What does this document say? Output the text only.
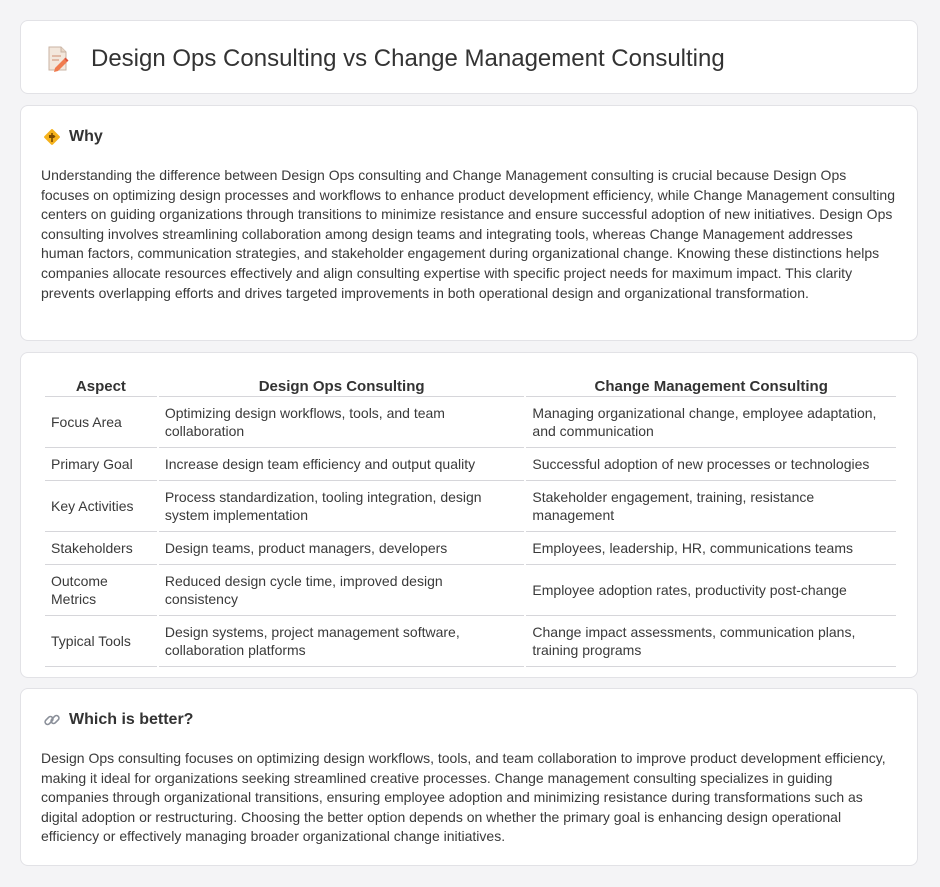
Design Ops Consulting vs Change Management Consulting
Why

Understanding the difference between Design Ops consulting and Change Management consulting is crucial because Design Ops focuses on optimizing design processes and workflows to enhance product development efficiency, while Change Management consulting centers on guiding organizations through transitions to minimize resistance and ensure successful adoption of new initiatives. Design Ops consulting involves streamlining collaboration among design teams and integrating tools, whereas Change Management addresses human factors, communication strategies, and stakeholder engagement during organizational change. Knowing these distinctions helps companies allocate resources effectively and align consulting expertise with specific project needs for maximum impact. This clarity prevents overlapping efforts and drives targeted improvements in both operational design and organizational transformation.

Aspect	Design Ops Consulting	Change Management Consulting
Focus Area	Optimizing design workflows, tools, and team collaboration	Managing organizational change, employee adaptation, and communication
Primary Goal	Increase design team efficiency and output quality	Successful adoption of new processes or technologies
Key Activities	Process standardization, tooling integration, design system implementation	Stakeholder engagement, training, resistance management
Stakeholders	Design teams, product managers, developers	Employees, leadership, HR, communications teams
Outcome Metrics	Reduced design cycle time, improved design consistency	Employee adoption rates, productivity post-change
Typical Tools	Design systems, project management software, collaboration platforms	Change impact assessments, communication plans, training programs
Which is better?

Design Ops consulting focuses on optimizing design workflows, tools, and team collaboration to improve product development efficiency, making it ideal for organizations seeking streamlined creative processes. Change management consulting specializes in guiding companies through organizational transitions, ensuring employee adoption and minimizing resistance during transformations such as digital adoption or restructuring. Choosing the better option depends on whether the primary goal is enhancing design operational efficiency or effectively managing broader organizational change initiatives.
